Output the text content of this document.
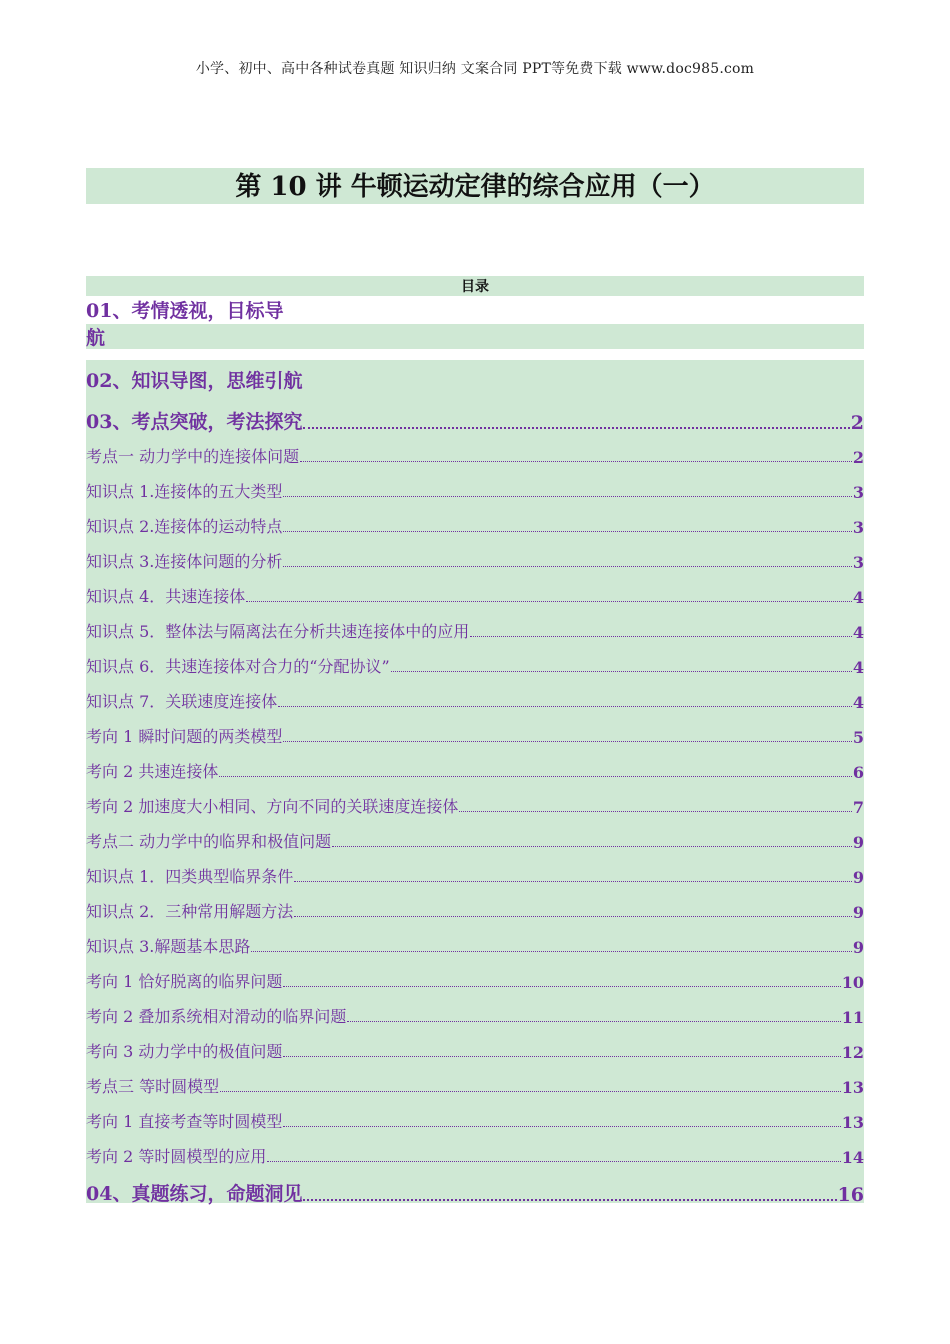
小学、初中、高中各种试卷真题 知识归纳 文案合同 PPT等免费下载 www.doc985.com
第 10 讲 牛顿运动定律的综合应用（一）
目录
01、考情透视，目标导
航
02、知识导图，思维引航
03、考点突破，考法探究	2
考点一 动力学中的连接体问题	2
知识点 1.连接体的五大类型	3
知识点 2.连接体的运动特点	3
知识点 3.连接体问题的分析	3
知识点 4．共速连接体	4
知识点 5．整体法与隔离法在分析共速连接体中的应用	4
知识点 6．共速连接体对合力的“分配协议”	4
知识点 7．关联速度连接体	4
考向 1 瞬时问题的两类模型	5
考向 2 共速连接体	6
考向 2 加速度大小相同、方向不同的关联速度连接体	7
考点二 动力学中的临界和极值问题	9
知识点 1．四类典型临界条件	9
知识点 2．三种常用解题方法	9
知识点 3.解题基本思路	9
考向 1 恰好脱离的临界问题	10
考向 2 叠加系统相对滑动的临界问题	11
考向 3 动力学中的极值问题	12
考点三 等时圆模型	13
考向 1 直接考查等时圆模型	13
考向 2 等时圆模型的应用	14
04、真题练习，命题洞见	16
